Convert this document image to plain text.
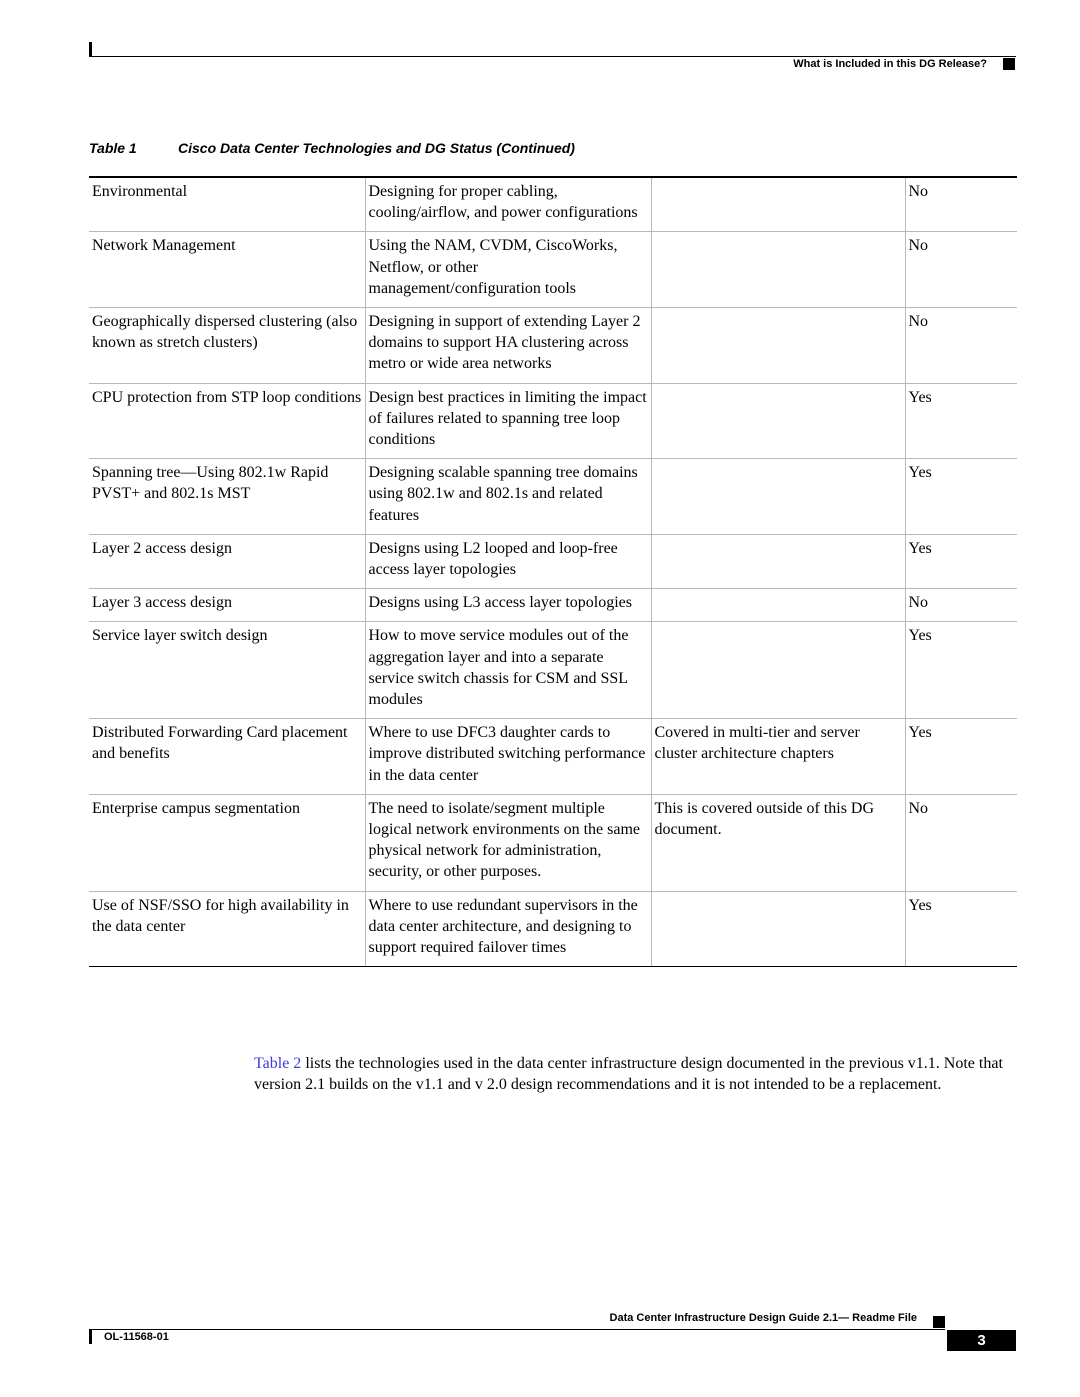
What is Included in this DG Release?
Table 1	Cisco Data Center Technologies and DG Status (Continued)
Environmental	Designing for proper cabling, cooling/airflow, and power configurations		No
Network Management	Using the NAM, CVDM, CiscoWorks, Netflow, or other management/configuration tools		No
Geographically dispersed clustering (also known as stretch clusters)	Designing in support of extending Layer 2 domains to support HA clustering across metro or wide area networks		No
CPU protection from STP loop conditions	Design best practices in limiting the impact of failures related to spanning tree loop conditions		Yes
Spanning tree—Using 802.1w Rapid PVST+ and 802.1s MST	Designing scalable spanning tree domains using 802.1w and 802.1s and related features		Yes
Layer 2 access design	Designs using L2 looped and loop-free access layer topologies		Yes
Layer 3 access design	Designs using L3 access layer topologies		No
Service layer switch design	How to move service modules out of the aggregation layer and into a separate service switch chassis for CSM and SSL modules		Yes
Distributed Forwarding Card placement and benefits	Where to use DFC3 daughter cards to improve distributed switching performance in the data center	Covered in multi-tier and server cluster architecture chapters	Yes
Enterprise campus segmentation	The need to isolate/segment multiple logical network environments on the same physical network for administration, security, or other purposes.	This is covered outside of this DG document.	No
Use of NSF/SSO for high availability in the data center	Where to use redundant supervisors in the data center architecture, and designing to support required failover times		Yes
Table 2 lists the technologies used in the data center infrastructure design documented in the previous v1.1. Note that version 2.1 builds on the v1.1 and v 2.0 design recommendations and it is not intended to be a replacement.
Data Center Infrastructure Design Guide 2.1— Readme File
OL-11568-01	3
